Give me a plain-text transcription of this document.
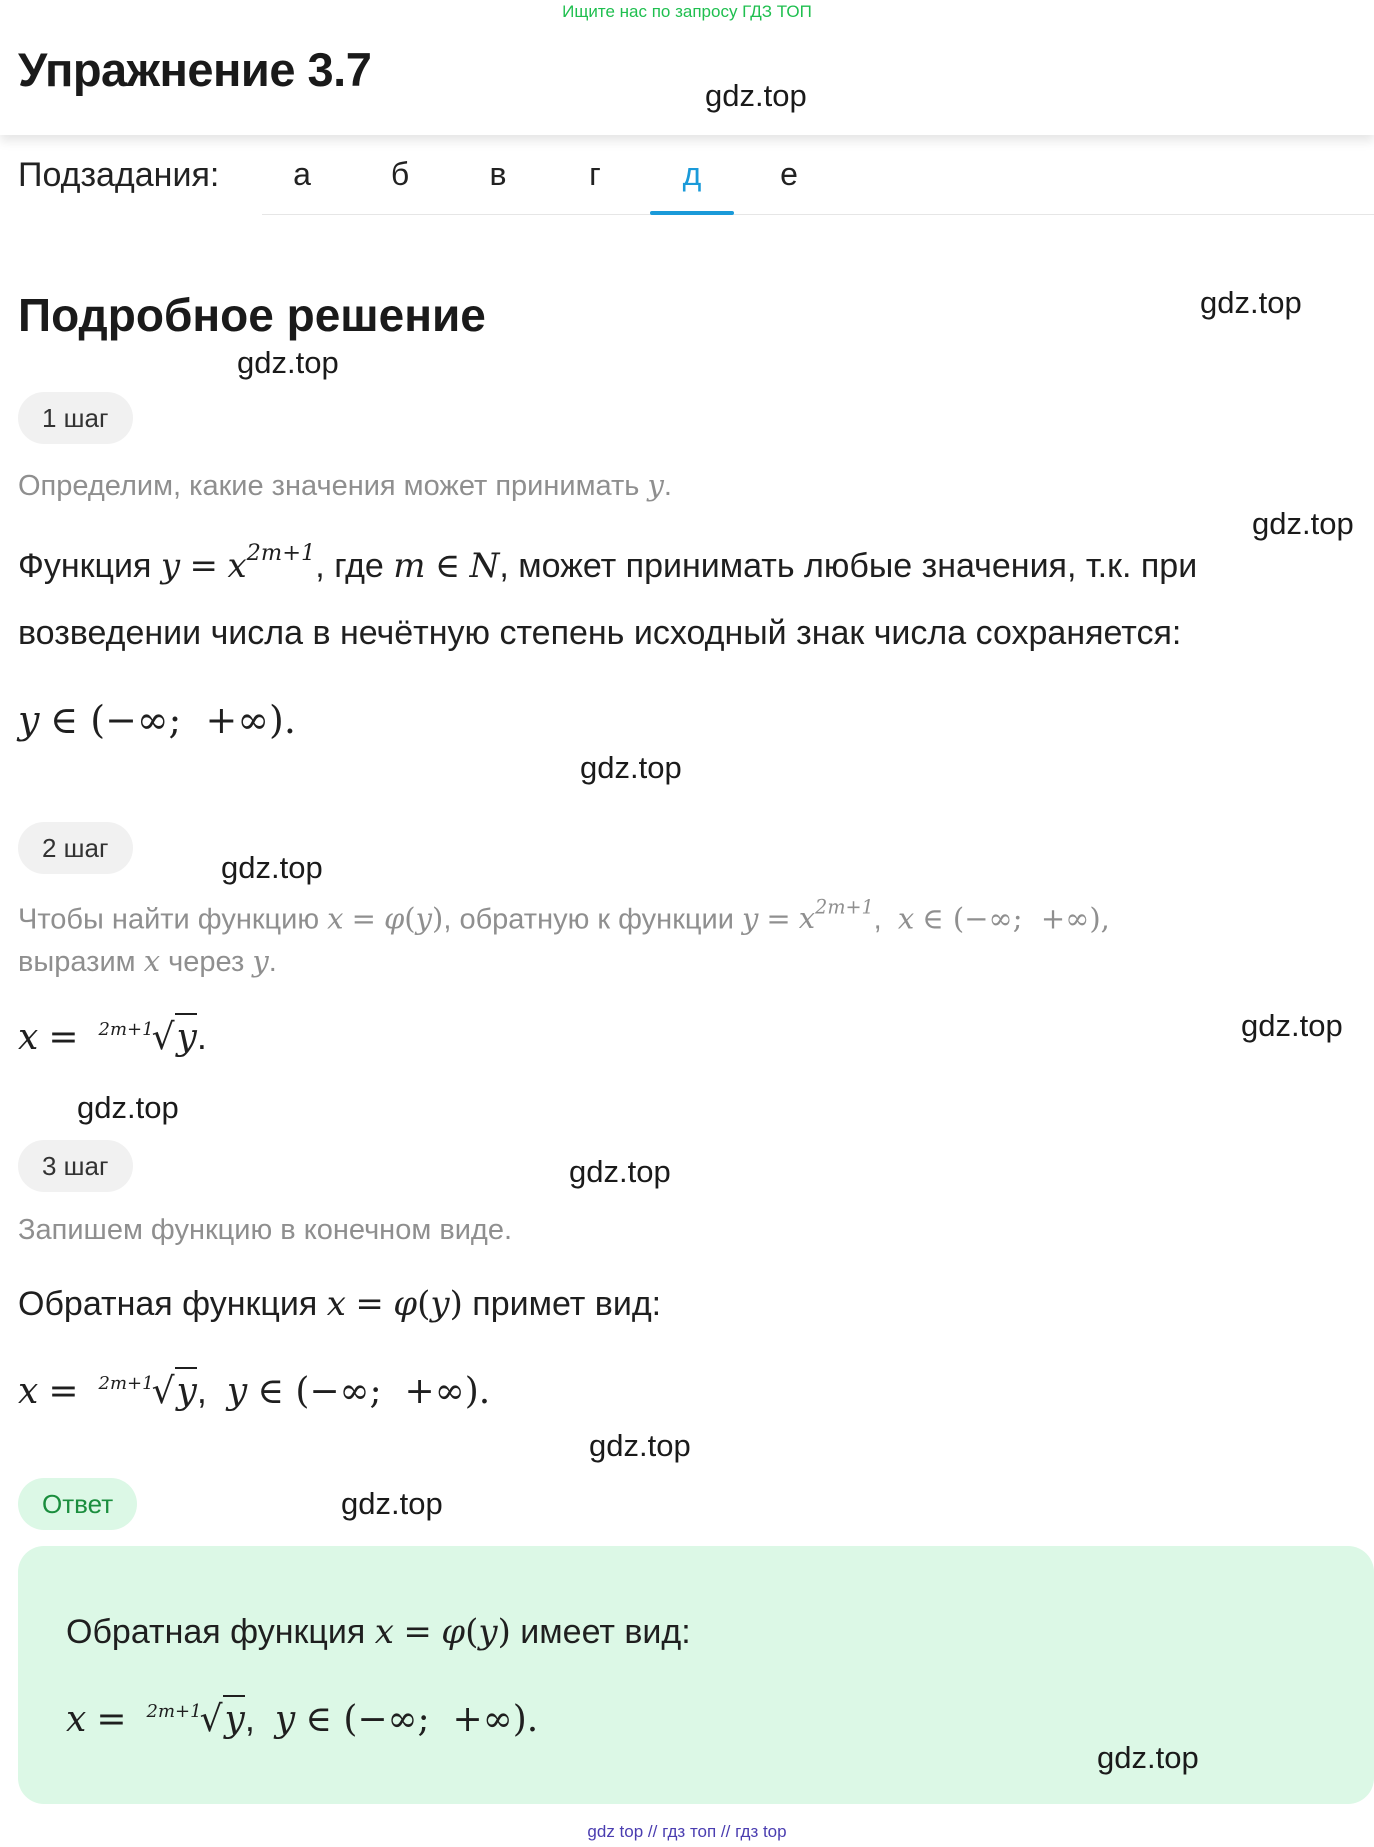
Ищите нас по запросу ГДЗ ТОП
Упражнение 3.7	gdz.top
Подзадания:	а	б	в	г	д	е
Подробное решение	gdz.top
gdz.top
1 шаг
Определим, какие значения может принимать y.
gdz.top
Функция $y = x^{2m+1}$, где m ∈ N, может принимать любые значения, т.к. при
возведении числа в нечётную степень исходный знак числа сохраняется:
y ∈ (−∞;  +∞).
gdz.top
2 шаг
gdz.top
Чтобы найти функцию x = φ(y), обратную к функции $y = x^{2m+1}$,  x ∈ (−∞;  +∞),
выразим x через y.
x = $^{2m+1}$√y.	gdz.top
gdz.top
3 шаг	gdz.top
Запишем функцию в конечном виде.
Обратная функция x = φ(y) примет вид:
x = $^{2m+1}$√y,  y ∈ (−∞;  +∞).
gdz.top
Ответ	gdz.top
Обратная функция x = φ(y) имеет вид:
x = $^{2m+1}$√y,  y ∈ (−∞;  +∞).
gdz.top
gdz top // гдз топ // гдз top
